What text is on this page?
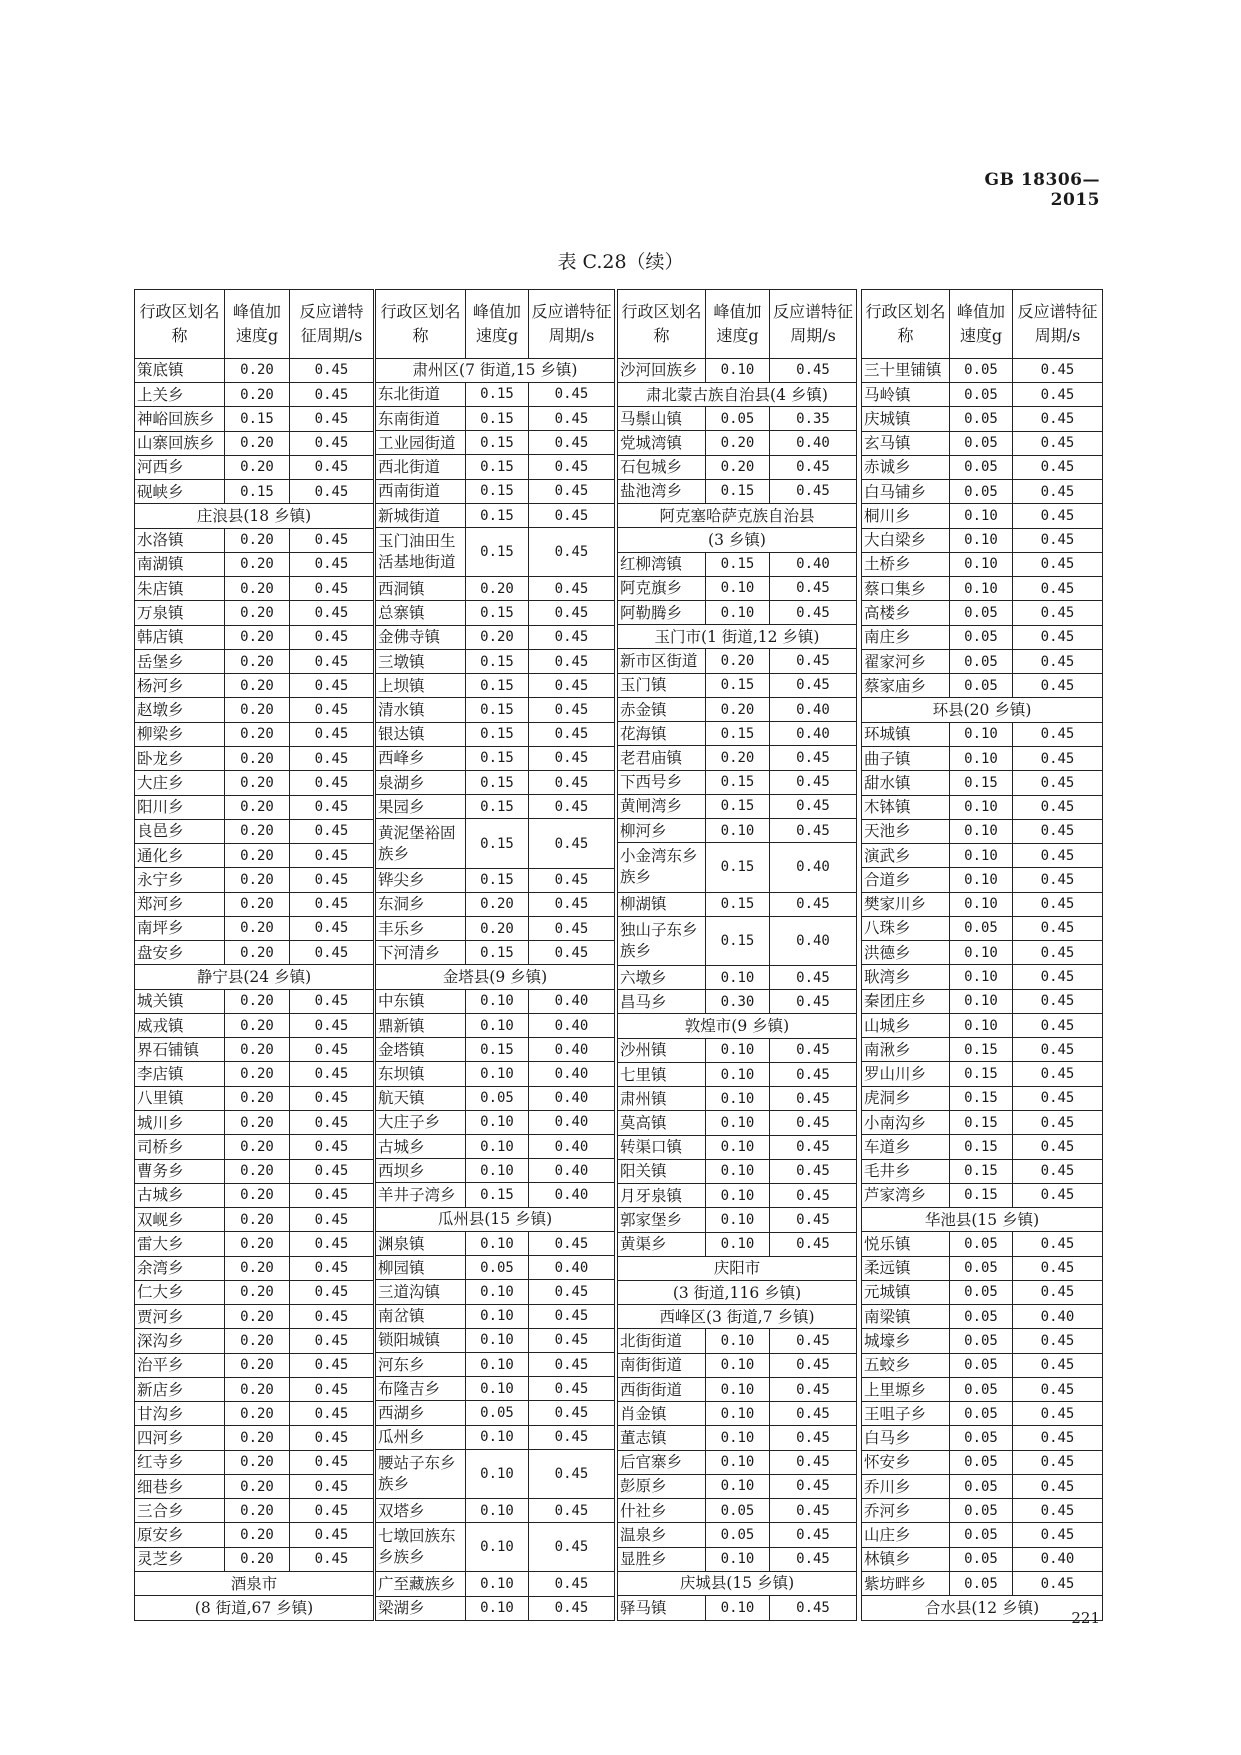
GB 18306—2015
表 C.28（续）
行政区划名称	峰值加速度g	反应谱特征周期/s
策底镇	0.20	0.45
上关乡	0.20	0.45
神峪回族乡	0.15	0.45
山寨回族乡	0.20	0.45
河西乡	0.20	0.45
砚峡乡	0.15	0.45
庄浪县(18 乡镇)		
水洛镇	0.20	0.45
南湖镇	0.20	0.45
朱店镇	0.20	0.45
万泉镇	0.20	0.45
韩店镇	0.20	0.45
岳堡乡	0.20	0.45
杨河乡	0.20	0.45
赵墩乡	0.20	0.45
柳梁乡	0.20	0.45
卧龙乡	0.20	0.45
大庄乡	0.20	0.45
阳川乡	0.20	0.45
良邑乡	0.20	0.45
通化乡	0.20	0.45
永宁乡	0.20	0.45
郑河乡	0.20	0.45
南坪乡	0.20	0.45
盘安乡	0.20	0.45
静宁县(24 乡镇)		
城关镇	0.20	0.45
威戎镇	0.20	0.45
界石铺镇	0.20	0.45
李店镇	0.20	0.45
八里镇	0.20	0.45
城川乡	0.20	0.45
司桥乡	0.20	0.45
曹务乡	0.20	0.45
古城乡	0.20	0.45
双岘乡	0.20	0.45
雷大乡	0.20	0.45
余湾乡	0.20	0.45
仁大乡	0.20	0.45
贾河乡	0.20	0.45
深沟乡	0.20	0.45
治平乡	0.20	0.45
新店乡	0.20	0.45
甘沟乡	0.20	0.45
四河乡	0.20	0.45
红寺乡	0.20	0.45
细巷乡	0.20	0.45
三合乡	0.20	0.45
原安乡	0.20	0.45
灵芝乡	0.20	0.45
酒泉市		
(8 街道,67 乡镇)		
行政区划名称	峰值加速度g	反应谱特征周期/s
肃州区(7 街道,15 乡镇)		
东北街道	0.15	0.45
东南街道	0.15	0.45
工业园街道	0.15	0.45
西北街道	0.15	0.45
西南街道	0.15	0.45
新城街道	0.15	0.45
玉门油田生活基地街道	0.15	0.45

西洞镇	0.20	0.45
总寨镇	0.15	0.45
金佛寺镇	0.20	0.45
三墩镇	0.15	0.45
上坝镇	0.15	0.45
清水镇	0.15	0.45
银达镇	0.15	0.45
西峰乡	0.15	0.45
泉湖乡	0.15	0.45
果园乡	0.15	0.45
黄泥堡裕固族乡	0.15	0.45

铧尖乡	0.15	0.45
东洞乡	0.20	0.45
丰乐乡	0.20	0.45
下河清乡	0.15	0.45
金塔县(9 乡镇)		
中东镇	0.10	0.40
鼎新镇	0.10	0.40
金塔镇	0.15	0.40
东坝镇	0.10	0.40
航天镇	0.05	0.40
大庄子乡	0.10	0.40
古城乡	0.10	0.40
西坝乡	0.10	0.40
羊井子湾乡	0.15	0.40
瓜州县(15 乡镇)		
渊泉镇	0.10	0.45
柳园镇	0.05	0.40
三道沟镇	0.10	0.45
南岔镇	0.10	0.45
锁阳城镇	0.10	0.45
河东乡	0.10	0.45
布隆吉乡	0.10	0.45
西湖乡	0.05	0.45
瓜州乡	0.10	0.45
腰站子东乡族乡	0.10	0.45

双塔乡	0.10	0.45
七墩回族东乡族乡	0.10	0.45

广至藏族乡	0.10	0.45
梁湖乡	0.10	0.45
行政区划名称	峰值加速度g	反应谱特征周期/s
沙河回族乡	0.10	0.45
肃北蒙古族自治县(4 乡镇)		
马鬃山镇	0.05	0.35
党城湾镇	0.20	0.40
石包城乡	0.20	0.45
盐池湾乡	0.15	0.45
阿克塞哈萨克族自治县		
(3 乡镇)		
红柳湾镇	0.15	0.40
阿克旗乡	0.10	0.45
阿勒腾乡	0.10	0.45
玉门市(1 街道,12 乡镇)		
新市区街道	0.20	0.45
玉门镇	0.15	0.45
赤金镇	0.20	0.40
花海镇	0.15	0.40
老君庙镇	0.20	0.45
下西号乡	0.15	0.45
黄闸湾乡	0.15	0.45
柳河乡	0.10	0.45
小金湾东乡族乡	0.15	0.40

柳湖镇	0.15	0.45
独山子东乡族乡	0.15	0.40

六墩乡	0.10	0.45
昌马乡	0.30	0.45
敦煌市(9 乡镇)		
沙州镇	0.10	0.45
七里镇	0.10	0.45
肃州镇	0.10	0.45
莫高镇	0.10	0.45
转渠口镇	0.10	0.45
阳关镇	0.10	0.45
月牙泉镇	0.10	0.45
郭家堡乡	0.10	0.45
黄渠乡	0.10	0.45
庆阳市		
(3 街道,116 乡镇)		
西峰区(3 街道,7 乡镇)		
北街街道	0.10	0.45
南街街道	0.10	0.45
西街街道	0.10	0.45
肖金镇	0.10	0.45
董志镇	0.10	0.45
后官寨乡	0.10	0.45
彭原乡	0.10	0.45
什社乡	0.05	0.45
温泉乡	0.05	0.45
显胜乡	0.10	0.45
庆城县(15 乡镇)		
驿马镇	0.10	0.45
行政区划名称	峰值加速度g	反应谱特征周期/s
三十里铺镇	0.05	0.45
马岭镇	0.05	0.45
庆城镇	0.05	0.45
玄马镇	0.05	0.45
赤诚乡	0.05	0.45
白马铺乡	0.05	0.45
桐川乡	0.10	0.45
大白梁乡	0.10	0.45
土桥乡	0.10	0.45
蔡口集乡	0.10	0.45
高楼乡	0.05	0.45
南庄乡	0.05	0.45
翟家河乡	0.05	0.45
蔡家庙乡	0.05	0.45
环县(20 乡镇)		
环城镇	0.10	0.45
曲子镇	0.10	0.45
甜水镇	0.15	0.45
木钵镇	0.10	0.45
天池乡	0.10	0.45
演武乡	0.10	0.45
合道乡	0.10	0.45
樊家川乡	0.10	0.45
八珠乡	0.05	0.45
洪德乡	0.10	0.45
耿湾乡	0.10	0.45
秦团庄乡	0.10	0.45
山城乡	0.10	0.45
南湫乡	0.15	0.45
罗山川乡	0.15	0.45
虎洞乡	0.15	0.45
小南沟乡	0.15	0.45
车道乡	0.15	0.45
毛井乡	0.15	0.45
芦家湾乡	0.15	0.45
华池县(15 乡镇)		
悦乐镇	0.05	0.45
柔远镇	0.05	0.45
元城镇	0.05	0.45
南梁镇	0.05	0.40
城壕乡	0.05	0.45
五蛟乡	0.05	0.45
上里塬乡	0.05	0.45
王咀子乡	0.05	0.45
白马乡	0.05	0.45
怀安乡	0.05	0.45
乔川乡	0.05	0.45
乔河乡	0.05	0.45
山庄乡	0.05	0.45
林镇乡	0.05	0.40
紫坊畔乡	0.05	0.45
合水县(12 乡镇)		
221
